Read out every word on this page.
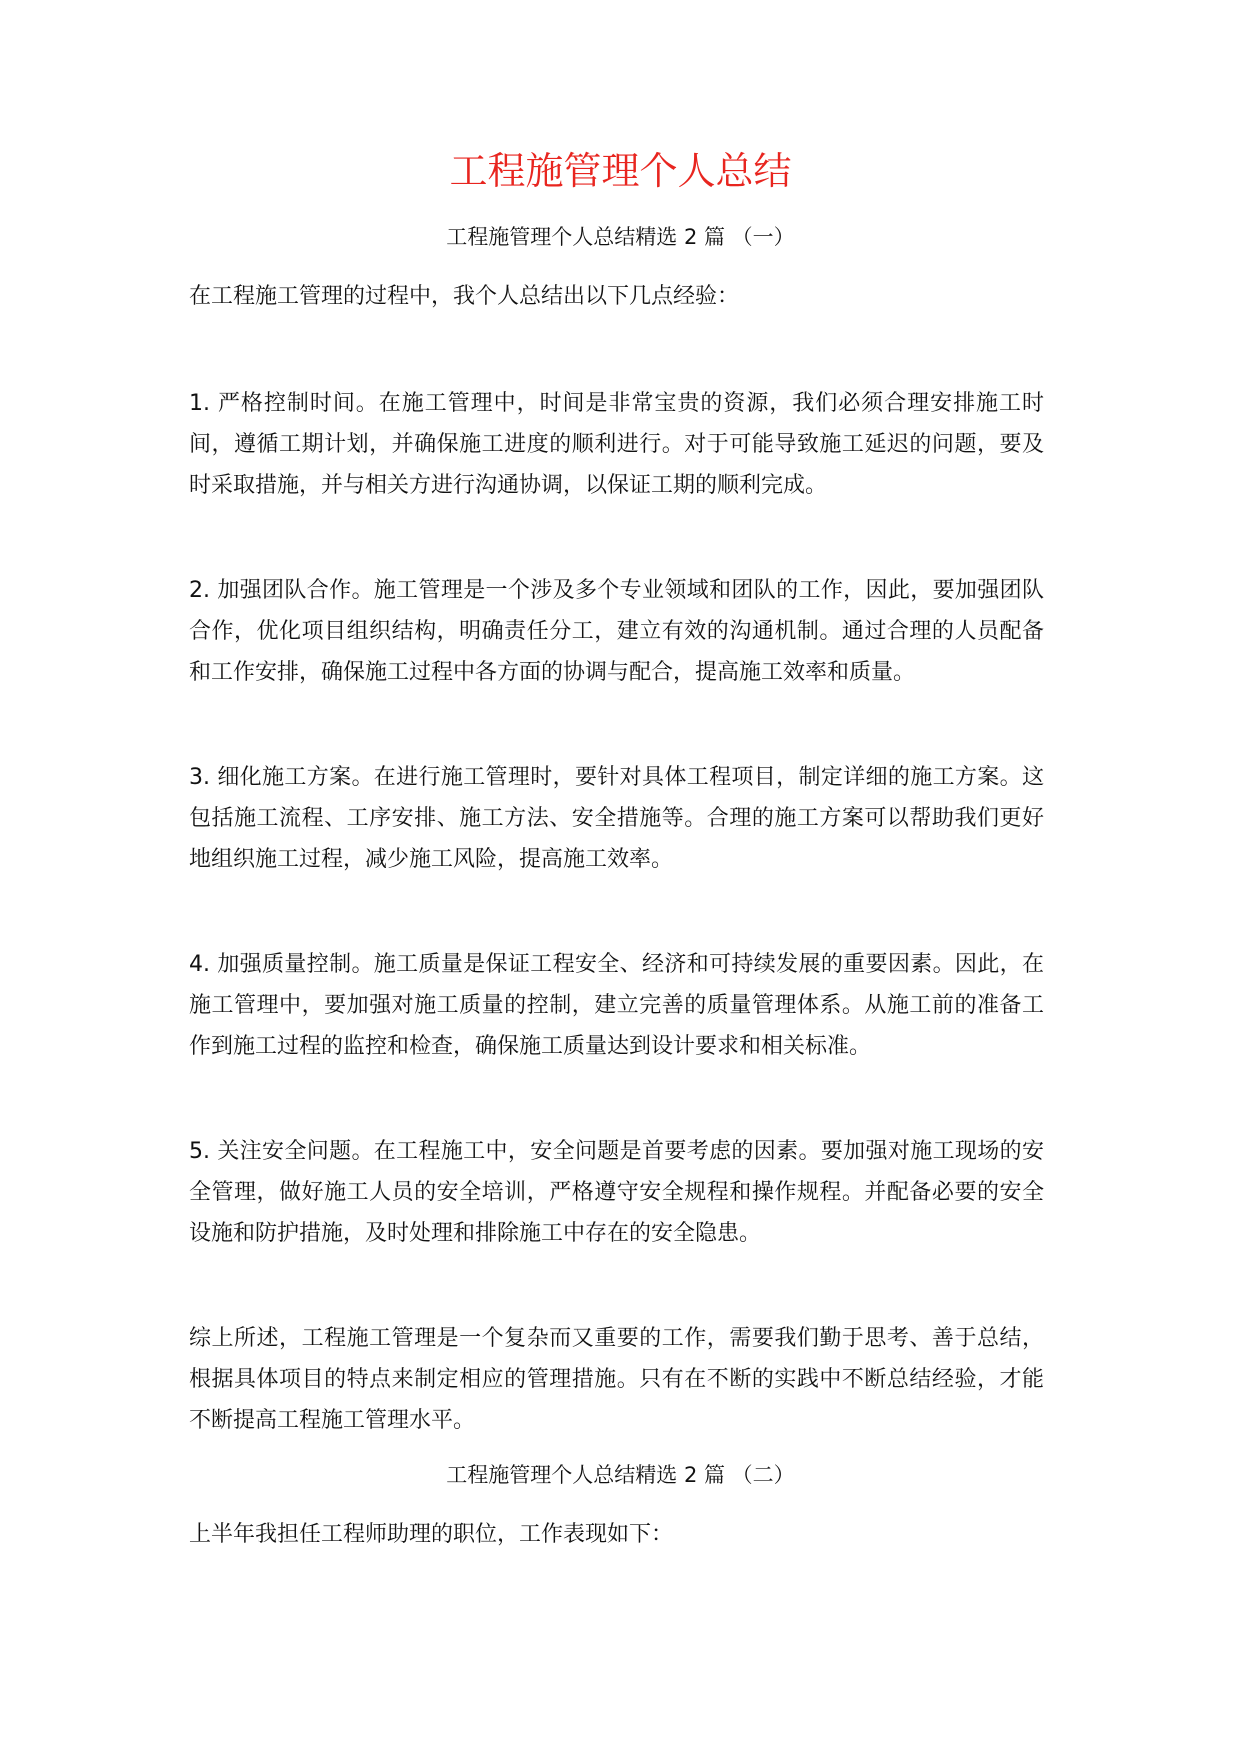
工程施管理个人总结

工程施管理个人总结精选 2 篇 （一）

在工程施工管理的过程中，我个人总结出以下几点经验：

1. 严格控制时间。在施工管理中，时间是非常宝贵的资源，我们必须合理安排施工时间，遵循工期计划，并确保施工进度的顺利进行。对于可能导致施工延迟的问题，要及时采取措施，并与相关方进行沟通协调，以保证工期的顺利完成。

2. 加强团队合作。施工管理是一个涉及多个专业领域和团队的工作，因此，要加强团队合作，优化项目组织结构，明确责任分工，建立有效的沟通机制。通过合理的人员配备和工作安排，确保施工过程中各方面的协调与配合，提高施工效率和质量。

3. 细化施工方案。在进行施工管理时，要针对具体工程项目，制定详细的施工方案。这包括施工流程、工序安排、施工方法、安全措施等。合理的施工方案可以帮助我们更好地组织施工过程，减少施工风险，提高施工效率。

4. 加强质量控制。施工质量是保证工程安全、经济和可持续发展的重要因素。因此，在施工管理中，要加强对施工质量的控制，建立完善的质量管理体系。从施工前的准备工作到施工过程的监控和检查，确保施工质量达到设计要求和相关标准。

5. 关注安全问题。在工程施工中，安全问题是首要考虑的因素。要加强对施工现场的安全管理，做好施工人员的安全培训，严格遵守安全规程和操作规程。并配备必要的安全设施和防护措施，及时处理和排除施工中存在的安全隐患。

综上所述，工程施工管理是一个复杂而又重要的工作，需要我们勤于思考、善于总结，根据具体项目的特点来制定相应的管理措施。只有在不断的实践中不断总结经验，才能不断提高工程施工管理水平。

工程施管理个人总结精选 2 篇 （二）

上半年我担任工程师助理的职位，工作表现如下：
